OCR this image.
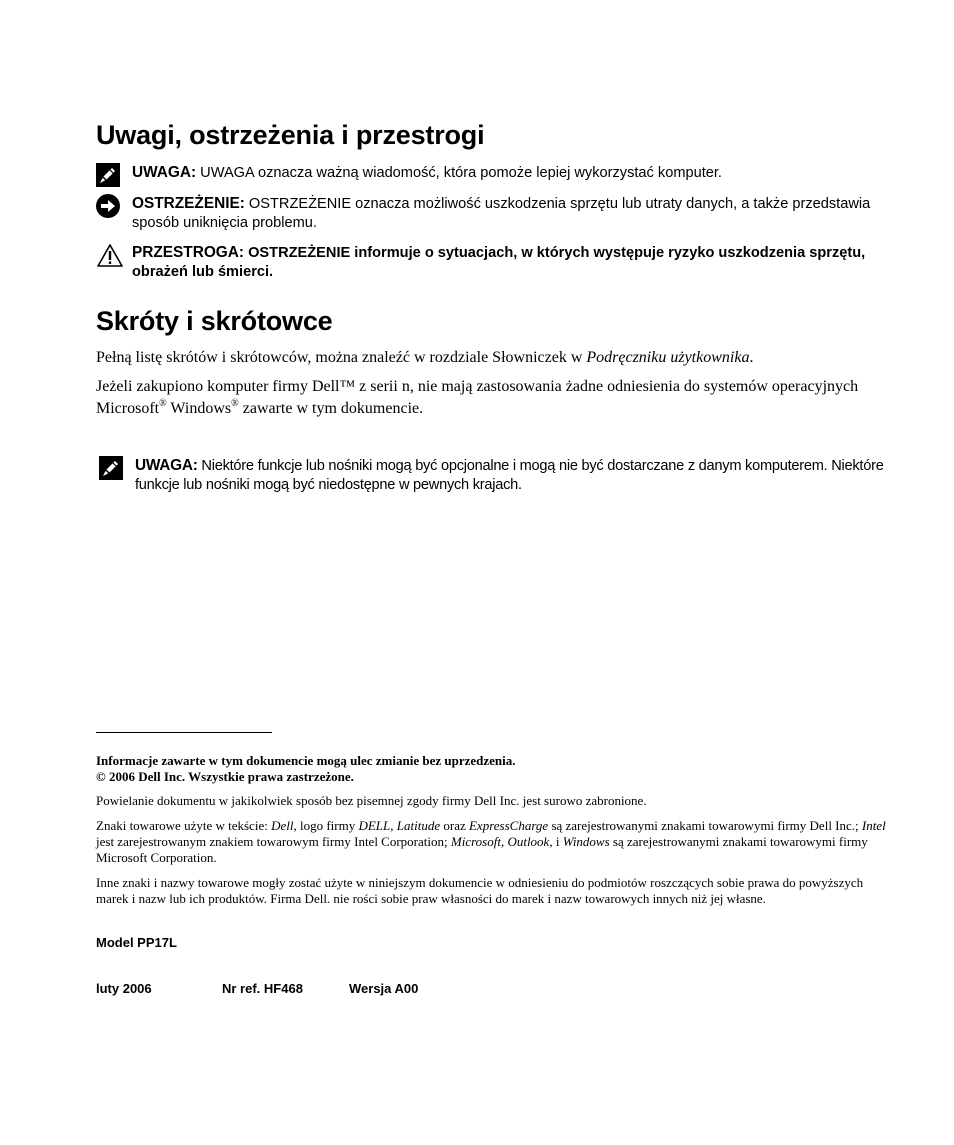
Uwagi, ostrzeżenia i przestrogi
UWAGA: UWAGA oznacza ważną wiadomość, która pomoże lepiej wykorzystać komputer.
OSTRZEŻENIE: OSTRZEŻENIE oznacza możliwość uszkodzenia sprzętu lub utraty danych, a także przedstawia sposób uniknięcia problemu.
PRZESTROGA: OSTRZEŻENIE informuje o sytuacjach, w których występuje ryzyko uszkodzenia sprzętu, obrażeń lub śmierci.
Skróty i skrótowce
Pełną listę skrótów i skrótowców, można znaleźć w rozdziale Słowniczek w Podręczniku użytkownika.
Jeżeli zakupiono komputer firmy Dell™ z serii n, nie mają zastosowania żadne odniesienia do systemów operacyjnych Microsoft® Windows® zawarte w tym dokumencie.
UWAGA: Niektóre funkcje lub nośniki mogą być opcjonalne i mogą nie być dostarczane z danym komputerem. Niektóre funkcje lub nośniki mogą być niedostępne w pewnych krajach.
Informacje zawarte w tym dokumencie mogą ulec zmianie bez uprzedzenia.
© 2006 Dell Inc. Wszystkie prawa zastrzeżone.
Powielanie dokumentu w jakikolwiek sposób bez pisemnej zgody firmy Dell Inc. jest surowo zabronione.
Znaki towarowe użyte w tekście: Dell, logo firmy DELL, Latitude oraz ExpressCharge są zarejestrowanymi znakami towarowymi firmy Dell Inc.; Intel jest zarejestrowanym znakiem towarowym firmy Intel Corporation; Microsoft, Outlook, i Windows są zarejestrowanymi znakami towarowymi firmy Microsoft Corporation.
Inne znaki i nazwy towarowe mogły zostać użyte w niniejszym dokumencie w odniesieniu do podmiotów roszczących sobie prawa do powyższych marek i nazw lub ich produktów. Firma Dell. nie rości sobie praw własności do marek i nazw towarowych innych niż jej własne.
Model PP17L
luty 2006	Nr ref. HF468	Wersja A00
